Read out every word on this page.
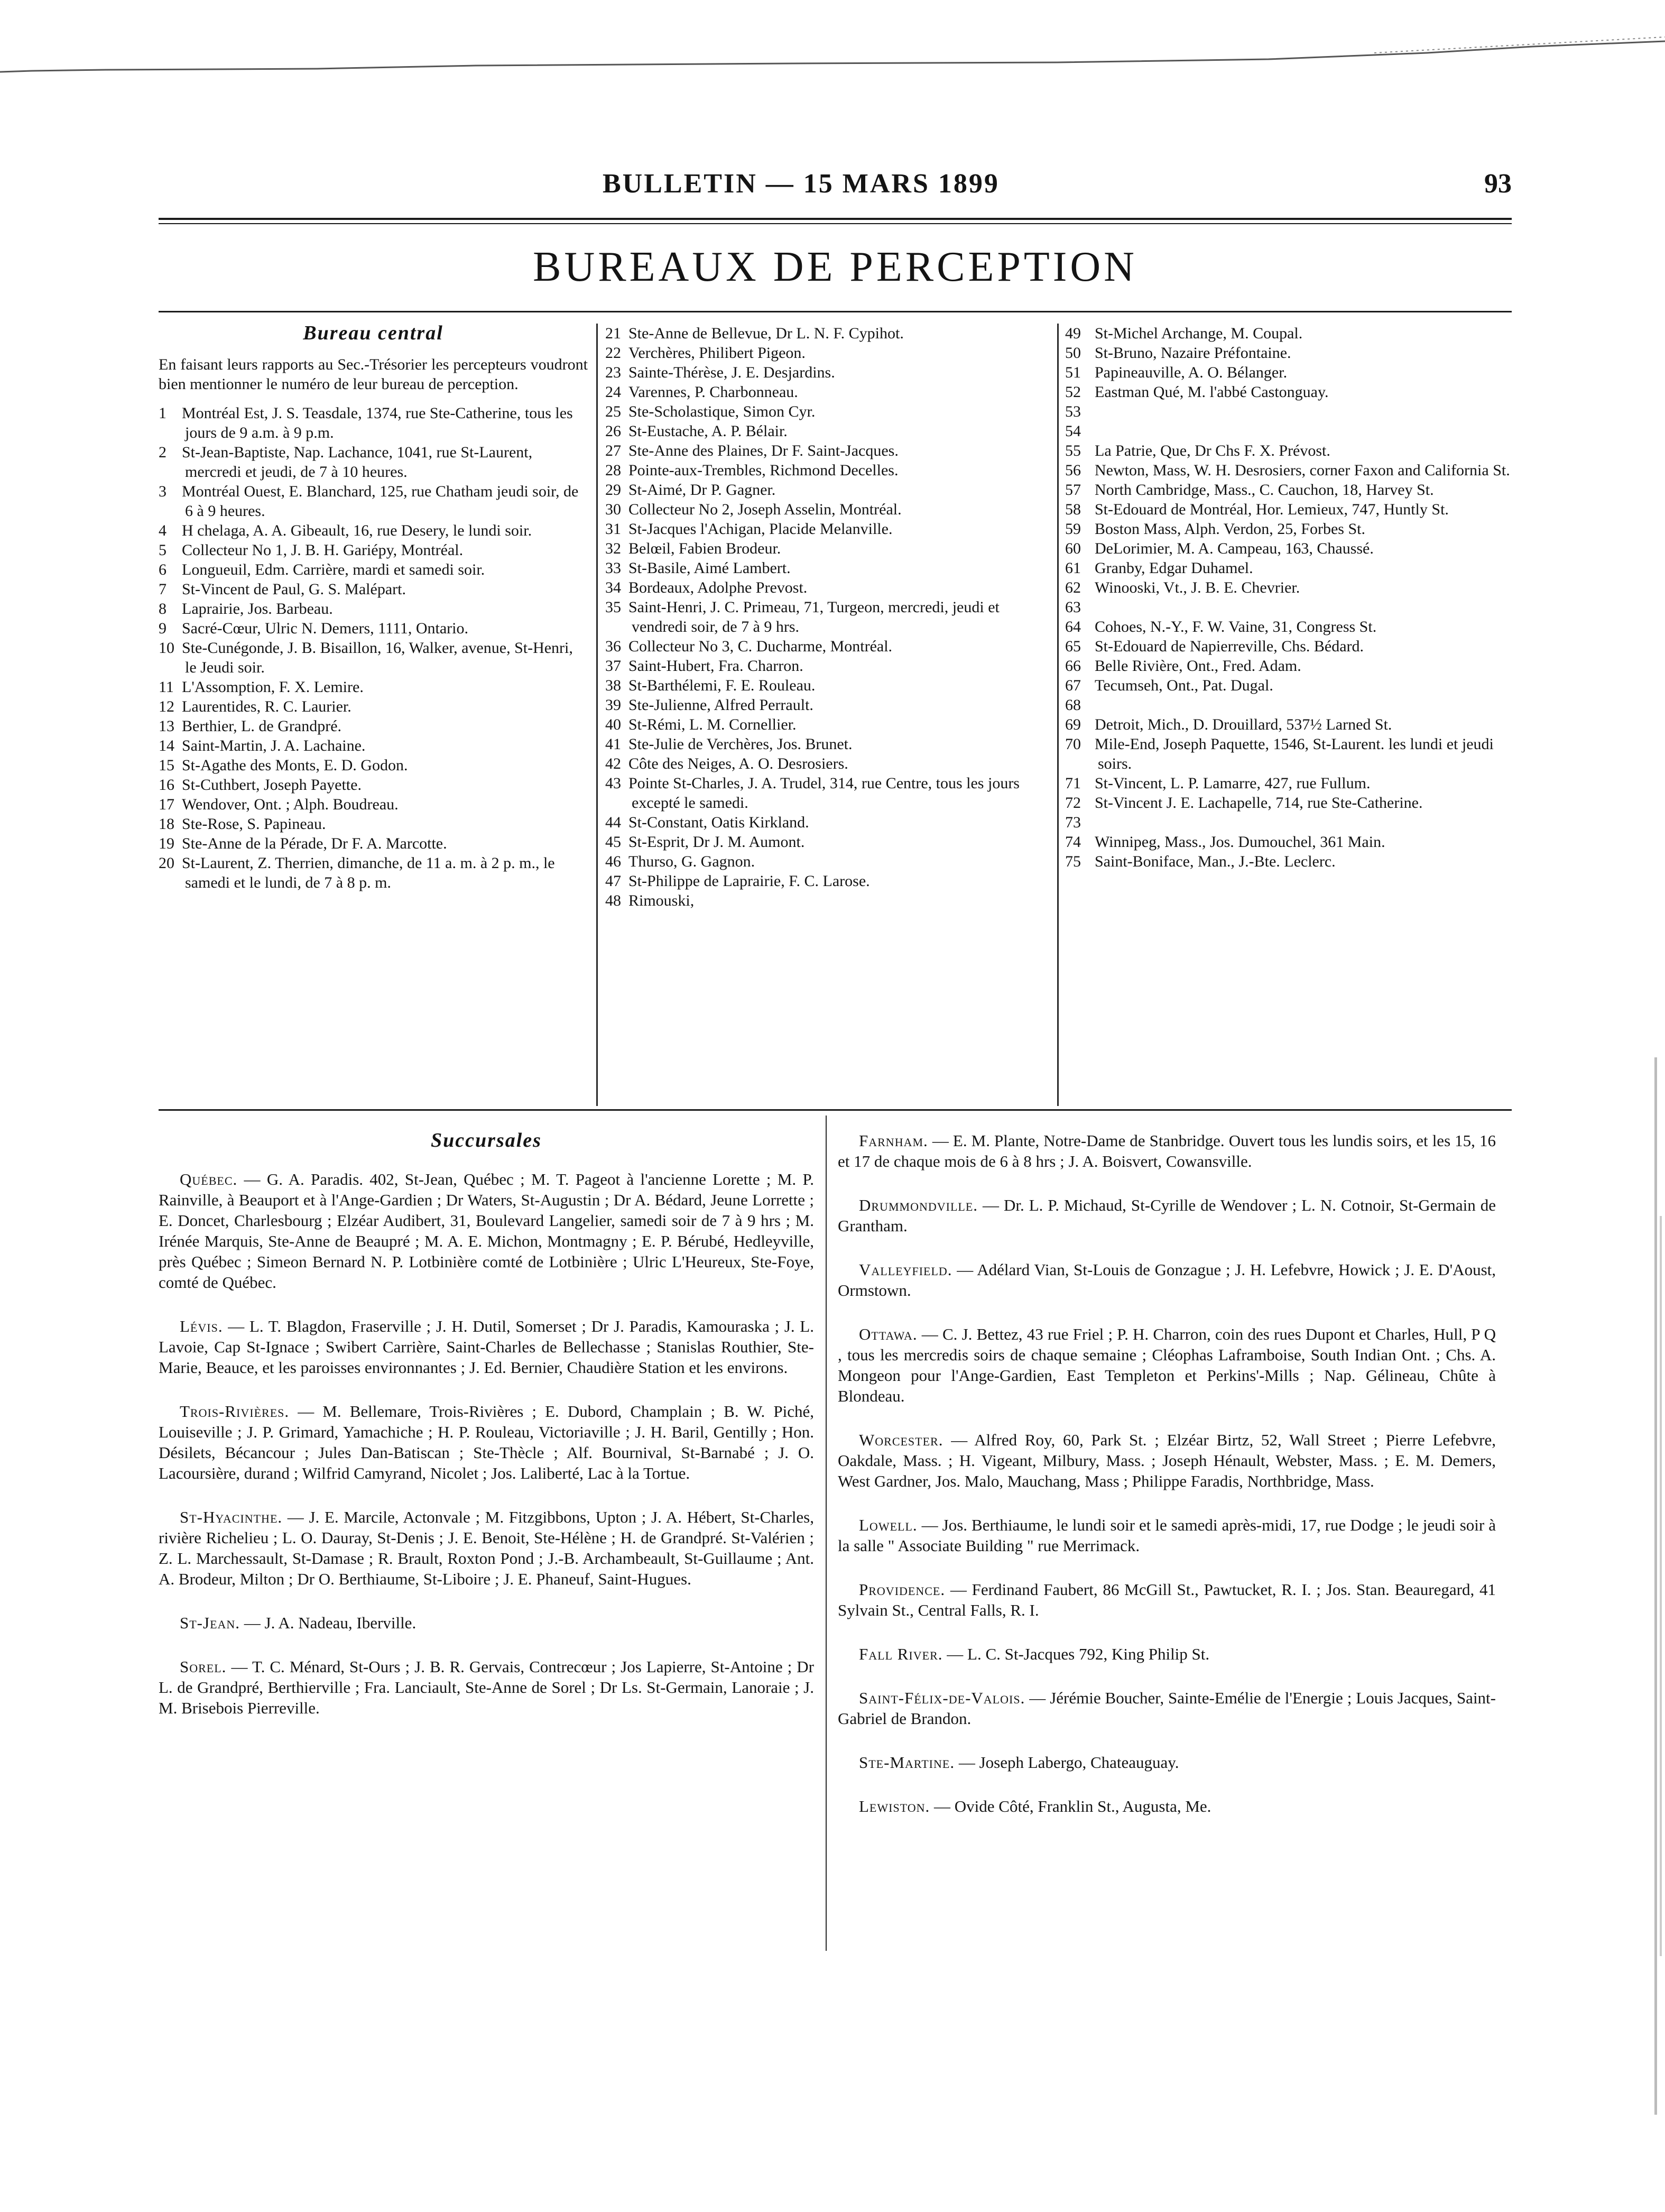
BULLETIN — 15 MARS 1899	93
BUREAUX DE PERCEPTION
Bureau central

En faisant leurs rapports au Sec.-Trésorier les percepteurs voudront bien mentionner le numéro de leur bureau de perception.

1 Montréal Est, J. S. Teasdale, 1374, rue Ste-Catherine, tous les jours de 9 a.m. à 9 p.m.
2 St-Jean-Baptiste, Nap. Lachance, 1041, rue St-Laurent, mercredi et jeudi, de 7 à 10 heures.
3 Montréal Ouest, E. Blanchard, 125, rue Chatham jeudi soir, de 6 à 9 heures.
4 H chelaga, A. A. Gibeault, 16, rue Desery, le lundi soir.
5 Collecteur No 1, J. B. H. Gariépy, Montréal.
6 Longueuil, Edm. Carrière, mardi et samedi soir.
7 St-Vincent de Paul, G. S. Malépart.
8 Laprairie, Jos. Barbeau.
9 Sacré-Cœur, Ulric N. Demers, 1111, Ontario.
10 Ste-Cunégonde, J. B. Bisaillon, 16, Walker, avenue, St-Henri, le Jeudi soir.
11 L'Assomption, F. X. Lemire.
12 Laurentides, R. C. Laurier.
13 Berthier, L. de Grandpré.
14 Saint-Martin, J. A. Lachaine.
15 St-Agathe des Monts, E. D. Godon.
16 St-Cuthbert, Joseph Payette.
17 Wendover, Ont. ; Alph. Boudreau.
18 Ste-Rose, S. Papineau.
19 Ste-Anne de la Pérade, Dr F. A. Marcotte.
20 St-Laurent, Z. Therrien, dimanche, de 11 a. m. à 2 p. m., le samedi et le lundi, de 7 à 8 p. m.
21 Ste-Anne de Bellevue, Dr L. N. F. Cypihot.
22 Verchères, Philibert Pigeon.
23 Sainte-Thérèse, J. E. Desjardins.
24 Varennes, P. Charbonneau.
25 Ste-Scholastique, Simon Cyr.
26 St-Eustache, A. P. Bélair.
27 Ste-Anne des Plaines, Dr F. Saint-Jacques.
28 Pointe-aux-Trembles, Richmond Decelles.
29 St-Aimé, Dr P. Gagner.
30 Collecteur No 2, Joseph Asselin, Montréal.
31 St-Jacques l'Achigan, Placide Melanville.
32 Belœil, Fabien Brodeur.
33 St-Basile, Aimé Lambert.
34 Bordeaux, Adolphe Prevost.
35 Saint-Henri, J. C. Primeau, 71, Turgeon, mercredi, jeudi et vendredi soir, de 7 à 9 hrs.
36 Collecteur No 3, C. Ducharme, Montréal.
37 Saint-Hubert, Fra. Charron.
38 St-Barthélemi, F. E. Rouleau.
39 Ste-Julienne, Alfred Perrault.
40 St-Rémi, L. M. Cornellier.
41 Ste-Julie de Verchères, Jos. Brunet.
42 Côte des Neiges, A. O. Desrosiers.
43 Pointe St-Charles, J. A. Trudel, 314, rue Centre, tous les jours excepté le samedi.
44 St-Constant, Oatis Kirkland.
45 St-Esprit, Dr J. M. Aumont.
46 Thurso, G. Gagnon.
47 St-Philippe de Laprairie, F. C. Larose.
48 Rimouski,
49 St-Michel Archange, M. Coupal.
50 St-Bruno, Nazaire Préfontaine.
51 Papineauville, A. O. Bélanger.
52 Eastman Qué, M. l'abbé Castonguay.
53
54
55 La Patrie, Que, Dr Chs F. X. Prévost.
56 Newton, Mass, W. H. Desrosiers, corner Faxon and California St.
57 North Cambridge, Mass., C. Cauchon, 18, Harvey St.
58 St-Edouard de Montréal, Hor. Lemieux, 747, Huntly St.
59 Boston Mass, Alph. Verdon, 25, Forbes St.
60 DeLorimier, M. A. Campeau, 163, Chaussé.
61 Granby, Edgar Duhamel.
62 Winooski, Vt., J. B. E. Chevrier.
63
64 Cohoes, N.-Y., F. W. Vaine, 31, Congress St.
65 St-Edouard de Napierreville, Chs. Bédard.
66 Belle Rivière, Ont., Fred. Adam.
67 Tecumseh, Ont., Pat. Dugal.
68
69 Detroit, Mich., D. Drouillard, 537½ Larned St.
70 Mile-End, Joseph Paquette, 1546, St-Laurent. les lundi et jeudi soirs.
71 St-Vincent, L. P. Lamarre, 427, rue Fullum.
72 St-Vincent J. E. Lachapelle, 714, rue Ste-Catherine.
73
74 Winnipeg, Mass., Jos. Dumouchel, 361 Main.
75 Saint-Boniface, Man., J.-Bte. Leclerc.
Succursales

Québec. — G. A. Paradis. 402, St-Jean, Québec ; M. T. Pageot à l'ancienne Lorette ; M. P. Rainville, à Beauport et à l'Ange-Gardien ; Dr Waters, St-Augustin ; Dr A. Bédard, Jeune Lorrette ; E. Doncet, Charlesbourg ; Elzéar Audibert, 31, Boulevard Langelier, samedi soir de 7 à 9 hrs ; M. Irénée Marquis, Ste-Anne de Beaupré ; M. A. E. Michon, Montmagny ; E. P. Bérubé, Hedleyville, près Québec ; Simeon Bernard N. P. Lotbinière comté de Lotbinière ; Ulric L'Heureux, Ste-Foye, comté de Québec.

Lévis. — L. T. Blagdon, Fraserville ; J. H. Dutil, Somerset ; Dr J. Paradis, Kamouraska ; J. L. Lavoie, Cap St-Ignace ; Swibert Carrière, Saint-Charles de Bellechasse ; Stanislas Routhier, Ste-Marie, Beauce, et les paroisses environnantes ; J. Ed. Bernier, Chaudière Station et les environs.

Trois-Rivières. — M. Bellemare, Trois-Rivières ; E. Dubord, Champlain ; B. W. Piché, Louiseville ; J. P. Grimard, Yamachiche ; H. P. Rouleau, Victoriaville ; J. H. Baril, Gentilly ; Hon. Désilets, Bécancour ; Jules Dan-Batiscan ; Ste-Thècle ; Alf. Bournival, St-Barnabé ; J. O. Lacoursière, durand ; Wilfrid Camyrand, Nicolet ; Jos. Laliberté, Lac à la Tortue.

St-Hyacinthe. — J. E. Marcile, Actonvale ; M. Fitzgibbons, Upton ; J. A. Hébert, St-Charles, rivière Richelieu ; L. O. Dauray, St-Denis ; J. E. Benoit, Ste-Hélène ; H. de Grandpré. St-Valérien ; Z. L. Marchessault, St-Damase ; R. Brault, Roxton Pond ; J.-B. Archambeault, St-Guillaume ; Ant. A. Brodeur, Milton ; Dr O. Berthiaume, St-Liboire ; J. E. Phaneuf, Saint-Hugues.

St-Jean. — J. A. Nadeau, Iberville.

Sorel. — T. C. Ménard, St-Ours ; J. B. R. Gervais, Contrecœur ; Jos Lapierre, St-Antoine ; Dr L. de Grandpré, Berthierville ; Fra. Lanciault, Ste-Anne de Sorel ; Dr Ls. St-Germain, Lanoraie ; J. M. Brisebois Pierreville.

Farnham. — E. M. Plante, Notre-Dame de Stanbridge. Ouvert tous les lundis soirs, et les 15, 16 et 17 de chaque mois de 6 à 8 hrs ; J. A. Boisvert, Cowansville.

Drummondville. — Dr. L. P. Michaud, St-Cyrille de Wendover ; L. N. Cotnoir, St-Germain de Grantham.

Valleyfield. — Adélard Vian, St-Louis de Gonzague ; J. H. Lefebvre, Howick ; J. E. D'Aoust, Ormstown.

Ottawa. — C. J. Bettez, 43 rue Friel ; P. H. Charron, coin des rues Dupont et Charles, Hull, P Q , tous les mercredis soirs de chaque semaine ; Cléophas Laframboise, South Indian Ont. ; Chs. A. Mongeon pour l'Ange-Gardien, East Templeton et Perkins'-Mills ; Nap. Gélineau, Chûte à Blondeau.

Worcester. — Alfred Roy, 60, Park St. ; Elzéar Birtz, 52, Wall Street ; Pierre Lefebvre, Oakdale, Mass. ; H. Vigeant, Milbury, Mass. ; Joseph Hénault, Webster, Mass. ; E. M. Demers, West Gardner, Jos. Malo, Mauchang, Mass ; Philippe Faradis, Northbridge, Mass.

Lowell. — Jos. Berthiaume, le lundi soir et le samedi après-midi, 17, rue Dodge ; le jeudi soir à la salle " Associate Building " rue Merrimack.

Providence. — Ferdinand Faubert, 86 McGill St., Pawtucket, R. I. ; Jos. Stan. Beauregard, 41 Sylvain St., Central Falls, R. I.

Fall River. — L. C. St-Jacques 792, King Philip St.

Saint-Félix-de-Valois. — Jérémie Boucher, Sainte-Emélie de l'Energie ; Louis Jacques, Saint-Gabriel de Brandon.

Ste-Martine. — Joseph Labergo, Chateauguay.

Lewiston. — Ovide Côté, Franklin St., Augusta, Me.
